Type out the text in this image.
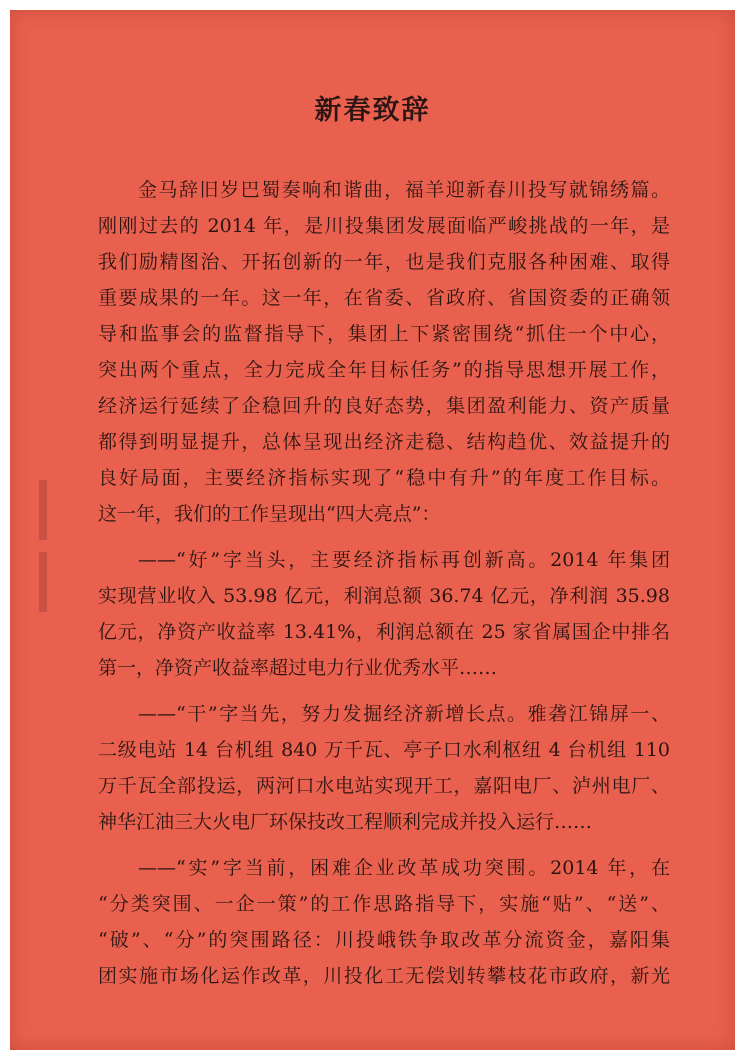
新春致辞
金马辞旧岁巴蜀奏响和谐曲，福羊迎新春川投写就锦绣篇。
刚刚过去的 2014 年，是川投集团发展面临严峻挑战的一年，是
我们励精图治、开拓创新的一年，也是我们克服各种困难、取得
重要成果的一年。这一年，在省委、省政府、省国资委的正确领
导和监事会的监督指导下，集团上下紧密围绕“抓住一个中心，
突出两个重点，全力完成全年目标任务”的指导思想开展工作，
经济运行延续了企稳回升的良好态势，集团盈利能力、资产质量
都得到明显提升，总体呈现出经济走稳、结构趋优、效益提升的
良好局面，主要经济指标实现了“稳中有升”的年度工作目标。
这一年，我们的工作呈现出“四大亮点”：
——“好”字当头，主要经济指标再创新高。2014 年集团
实现营业收入 53.98 亿元，利润总额 36.74 亿元，净利润 35.98
亿元，净资产收益率 13.41%，利润总额在 25 家省属国企中排名
第一，净资产收益率超过电力行业优秀水平……
——“干”字当先，努力发掘经济新增长点。雅砻江锦屏一、
二级电站 14 台机组 840 万千瓦、亭子口水利枢纽 4 台机组 110
万千瓦全部投运，两河口水电站实现开工，嘉阳电厂、泸州电厂、
神华江油三大火电厂环保技改工程顺利完成并投入运行……
——“实”字当前，困难企业改革成功突围。2014 年，在
“分类突围、一企一策”的工作思路指导下，实施“贴”、“送”、
“破”、“分”的突围路径：川投峨铁争取改革分流资金，嘉阳集
团实施市场化运作改革，川投化工无偿划转攀枝花市政府，新光
